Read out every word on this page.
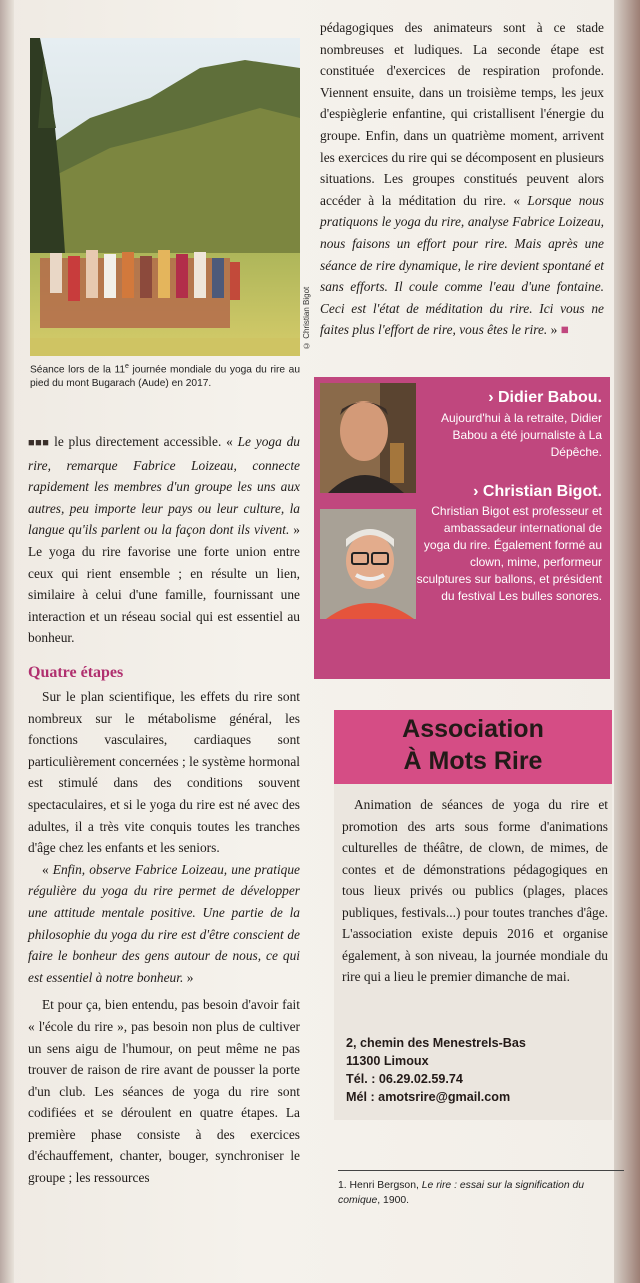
© Christian Bigot
Séance lors de la 11e journée mondiale du yoga du rire au pied du mont Bugarach (Aude) en 2017.

pédagogiques des animateurs sont à ce stade nombreuses et ludiques. La seconde étape est constituée d'exercices de respiration profonde. Viennent ensuite, dans un troisième temps, les jeux d'espièglerie enfantine, qui cristallisent l'énergie du groupe. Enfin, dans un quatrième moment, arrivent les exercices du rire qui se décomposent en plusieurs situations. Les groupes constitués peuvent alors accéder à la méditation du rire. « Lorsque nous pratiquons le yoga du rire, analyse Fabrice Loizeau, nous faisons un effort pour rire. Mais après une séance de rire dynamique, le rire devient spontané et sans efforts. Il coule comme l'eau d'une fontaine. Ceci est l'état de méditation du rire. Ici vous ne faites plus l'effort de rire, vous êtes le rire. » ■

■■■ le plus directement accessible. « Le yoga du rire, remarque Fabrice Loizeau, connecte rapidement les membres d'un groupe les uns aux autres, peu importe leur pays ou leur culture, la langue qu'ils parlent ou la façon dont ils vivent. » Le yoga du rire favorise une forte union entre ceux qui rient ensemble ; en résulte un lien, similaire à celui d'une famille, fournissant une interaction et un réseau social qui est essentiel au bonheur.

Quatre étapes

Sur le plan scientifique, les effets du rire sont nombreux sur le métabolisme général, les fonctions vasculaires, cardiaques sont particulièrement concernées ; le système hormonal est stimulé dans des conditions souvent spectaculaires, et si le yoga du rire est né avec des adultes, il a très vite conquis toutes les tranches d'âge chez les enfants et les seniors.

« Enfin, observe Fabrice Loizeau, une pratique régulière du yoga du rire permet de développer une attitude mentale positive. Une partie de la philosophie du yoga du rire est d'être conscient de faire le bonheur des gens autour de nous, ce qui est essentiel à notre bonheur. »

Et pour ça, bien entendu, pas besoin d'avoir fait « l'école du rire », pas besoin non plus de cultiver un sens aigu de l'humour, on peut même ne pas trouver de raison de rire avant de pousser la porte d'un club. Les séances de yoga du rire sont codifiées et se déroulent en quatre étapes. La première phase consiste à des exercices d'échauffement, chanter, bouger, synchroniser le groupe ; les ressources

› Didier Babou.
Aujourd'hui à la retraite, Didier Babou a été journaliste à La Dépêche.
› Christian Bigot.
Christian Bigot est professeur et ambassadeur international de yoga du rire. Également formé au clown, mime, performeur sculptures sur ballons, et président du festival Les bulles sonores.
Association
À Mots Rire

Animation de séances de yoga du rire et promotion des arts sous forme d'animations culturelles de théâtre, de clown, de mimes, de contes et de démonstrations pédagogiques en tous lieux privés ou publics (plages, places publiques, festivals...) pour toutes tranches d'âge. L'association existe depuis 2016 et organise également, à son niveau, la journée mondiale du rire qui a lieu le premier dimanche de mai.

2, chemin des Menestrels-Bas
11300 Limoux
Tél. : 06.29.02.59.74
Mél : amotsrire@gmail.com

1. Henri Bergson, Le rire : essai sur la signification du comique, 1900.
